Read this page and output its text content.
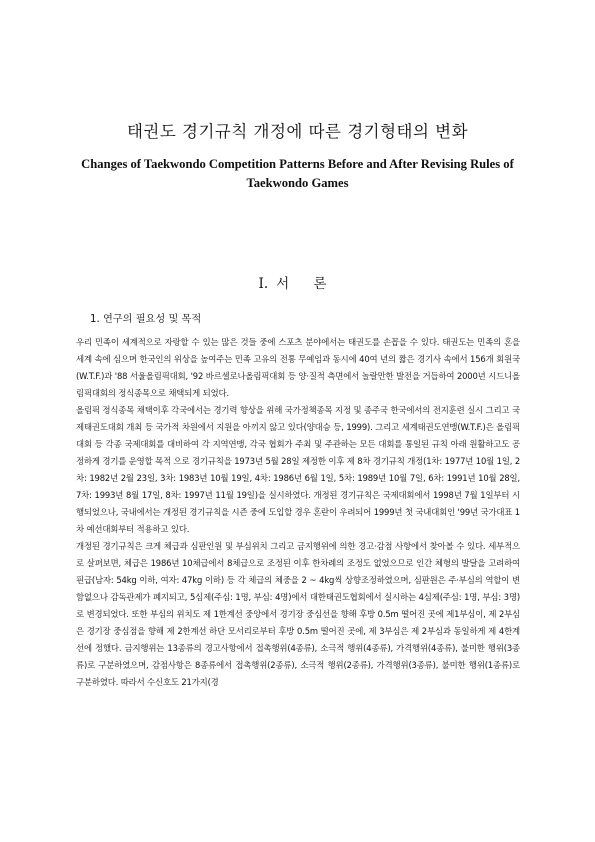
태권도 경기규칙 개정에 따른 경기형태의 변화
Changes of Taekwondo Competition Patterns Before and After Revising Rules of Taekwondo Games
Ⅰ. 서 론
1. 연구의 필요성 및 목적

우리 민족이 세계적으로 자랑할 수 있는 많은 것들 중에 스포츠 분야에서는 태권도를 손꼽을 수 있다. 태권도는 민족의 혼을 세계 속에 심으며 한국인의 위상을 높여주는 민족 고유의 전통 무예임과 동시에 40여 년의 짧은 경기사 속에서 156개 회원국(W.T.F.)과 '88 서울올림픽대회, '92 바르셀로나올림픽대회 등 양·질적 측면에서 놀랄만한 발전을 거듭하여 2000년 시드니올림픽대회의 정식종목으로 채택되게 되었다.

올림픽 정식종목 채택이후 각국에서는 경기력 향상을 위해 국가정책종목 지정 및 종주국 한국에서의 전지훈련 실시 그리고 국제태권도대회 개최 등 국가적 차원에서 지원을 아끼지 않고 있다(양대승 등, 1999). 그리고 세계태권도연맹(W.T.F.)은 올림픽대회 등 각종 국제대회를 대비하여 각 지역연맹, 각국 협회가 주최 및 주관하는 모든 대회를 통일된 규칙 아래 원활하고도 공정하게 경기를 운영할 목적 으로 경기규칙을 1973년 5월 28일 제정한 이후 제 8차 경기규칙 개정(1차: 1977년 10월 1일, 2차: 1982년 2월 23일, 3차: 1983년 10월 19일, 4차: 1986년 6월 1일, 5차: 1989년 10월 7일, 6차: 1991년 10월 28일, 7차: 1993년 8월 17일, 8차: 1997년 11월 19일)을 실시하였다. 개정된 경기규칙은 국제대회에서 1998년 7월 1일부터 시행되었으나, 국내에서는 개정된 경기규칙을 시즌 중에 도입할 경우 혼란이 우려되어 1999년 첫 국내대회인 '99년 국가대표 1차 예선대회부터 적용하고 있다.

개정된 경기규칙은 크게 체급과 심판인원 및 부심위치 그리고 금지행위에 의한 경고·감점 사항에서 찾아볼 수 있다. 세부적으로 살펴보면, 체급은 1986년 10체급에서 8체급으로 조정된 이후 한차례의 조정도 없었으므로 인간 체형의 발달을 고려하여 핀급(남자: 54kg 이하, 여자: 47kg 이하) 등 각 체급의 체중을 2 ~ 4kg씩 상향조정하였으며, 심판원은 주·부심의 역할이 변함없으나 감독관제가 폐지되고, 5심제(주심: 1명, 부심: 4명)에서 대한태권도협회에서 실시하는 4심제(주심: 1명, 부심: 3명)로 변경되었다. 또한 부심의 위치도 제 1한계선 중앙에서 경기장 중심선을 향해 후방 0.5m 떨어진 곳에 제1부심이, 제 2부심은 경기장 중심점을 향해 제 2한계선 하단 모서리로부터 후방 0.5m 떨어진 곳에, 제 3부심은 제 2부심과 동일하게 제 4한계선에 정했다. 금지행위는 13종류의 경고사항에서 접촉행위(4종류), 소극적 행위(4종류), 가격행위(4종류), 불미한 행위(3종류)로 구분하였으며, 감점사항은 8종류에서 접촉행위(2종류), 소극적 행위(2종류), 가격행위(3종류), 불미한 행위(1종류)로 구분하였다. 따라서 수신호도 21가지(경
